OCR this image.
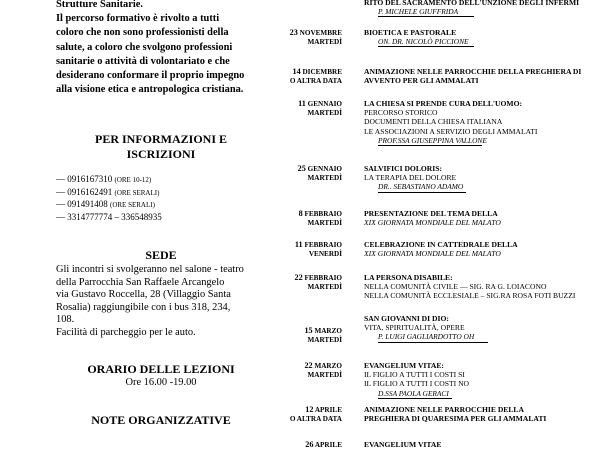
Strutture Sanitarie.
Il percorso formativo è rivolto a tutti
coloro che non sono professionisti della
salute, a coloro che svolgono professioni
sanitarie o attività di volontariato e che
desiderano conformare il proprio impegno
alla visione etica e antropologica cristiana.
PER INFORMAZIONI E
ISCRIZIONI
— 0916167310 (ORE 10-12)
— 0916162491 (ORE SERALI)
— 091491408 (ORE SERALI)
— 3314777774 – 336548935
SEDE
Gli incontri si svolgeranno nel salone - teatro
della Parrocchia San Raffaele Arcangelo
via Gustavo Roccella, 28 (Villaggio Santa
Rosalia) raggiungibile con i bus 318, 234,
108.
Facilità di parcheggio per le auto.
ORARIO DELLE LEZIONI
Ore 16.00 -19.00
NOTE ORGANIZZATIVE
RITO DEL SACRAMENTO DELL'UNZIONE DEGLI INFERMI
P. MICHELE GIUFFRIDA
23 NOVEMBRE
MARTEDÌ
BIOETICA E PASTORALE
ON. DR. NICOLÒ PICCIONE
14 DICEMBRE
O ALTRA DATA
ANIMAZIONE NELLE PARROCCHIE DELLA PREGHIERA DI
AVVENTO PER GLI AMMALATI
11 GENNAIO
MARTEDÌ
LA CHIESA SI PRENDE CURA DELL'UOMO:
PERCORSO STORICO
DOCUMENTI DELLA CHIESA ITALIANA
LE ASSOCIAZIONI A SERVIZIO DEGLI AMMALATI
PROF.SSA GIUSEPPINA VALLONE
25 GENNAIO
MARTEDÌ
SALVIFICI DOLORIS:
LA TERAPIA DEL DOLORE
DR.. SEBASTIANO ADAMO
8 FEBBRAIO
MARTEDÌ
PRESENTAZIONE DEL TEMA DELLA
XIX GIORNATA MONDIALE DEL MALATO
11 FEBBRAIO
VENERDÌ
CELEBRAZIONE IN CATTEDRALE DELLA
XIX GIORNATA MONDIALE DEL MALATO
22 FEBBRAIO
MARTEDÌ
LA PERSONA DISABILE:
NELLA COMUNITÀ CIVILE — SIG. RA G. LOIACONO
NELLA COMUNITÀ ECCLESIALE – SIG.RA ROSA FOTI BUZZI
15 MARZO
MARTEDÌ
SAN GIOVANNI DI DIO:
VITA, SPIRITUALITÀ, OPERE
P. LUIGI GAGLIARDOTTO OH
22 MARZO
MARTEDÌ
EVANGELIUM VITAE:
IL FIGLIO A TUTTI I COSTI SI
IL FIGLIO A TUTTI I COSTI NO
D.SSA PAOLA GERACI
12 APRILE
O ALTRA DATA
ANIMAZIONE NELLE PARROCCHIE DELLA
PREGHIERA DI QUARESIMA PER GLI AMMALATI
26 APRILE	EVANGELIUM VITAE
